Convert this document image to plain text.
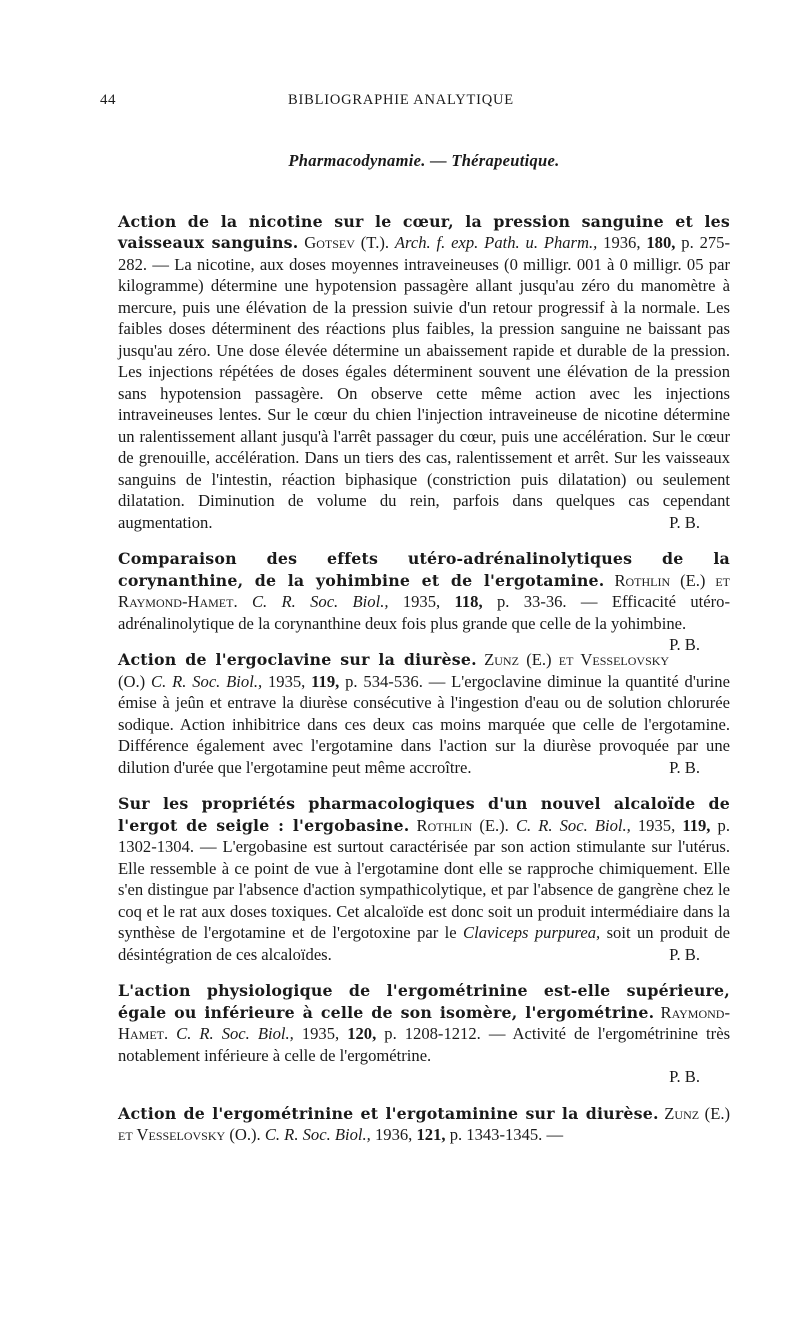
44	BIBLIOGRAPHIE ANALYTIQUE
Pharmacodynamie. — Thérapeutique.

Action de la nicotine sur le cœur, la pression sanguine et les vaisseaux sanguins. Gotsev (T.). Arch. f. exp. Path. u. Pharm., 1936, 180, p. 275-282. — La nicotine, aux doses moyennes intraveineuses (0 milligr. 001 à 0 milligr. 05 par kilogramme) détermine une hypotension passagère allant jusqu'au zéro du manomètre à mercure, puis une élévation de la pression suivie d'un retour progressif à la normale. Les faibles doses déterminent des réactions plus faibles, la pression sanguine ne baissant pas jusqu'au zéro. Une dose élevée détermine un abaissement rapide et durable de la pression. Les injections répétées de doses égales déterminent souvent une élévation de la pression sans hypotension passagère. On observe cette même action avec les injections intraveineuses lentes. Sur le cœur du chien l'injection intraveineuse de nicotine détermine un ralentissement allant jusqu'à l'arrêt passager du cœur, puis une accélération. Sur le cœur de grenouille, accélération. Dans un tiers des cas, ralentissement et arrêt. Sur les vaisseaux sanguins de l'intestin, réaction biphasique (constriction puis dilatation) ou seulement dilatation. Diminution de volume du rein, parfois dans quelques cas cependant augmentation.	P. B.

Comparaison des effets utéro-adrénalinolytiques de la corynanthine, de la yohimbine et de l'ergotamine. Rothlin (E.) et Raymond-Hamet. C. R. Soc. Biol., 1935, 118, p. 33-36. — Efficacité utéro-adrénalinolytique de la corynanthine deux fois plus grande que celle de la yohimbine.
P. B.

Action de l'ergoclavine sur la diurèse. Zunz (E.) et Vesselovsky (O.) C. R. Soc. Biol., 1935, 119, p. 534-536. — L'ergoclavine diminue la quantité d'urine émise à jeûn et entrave la diurèse consécutive à l'ingestion d'eau ou de solution chlorurée sodique. Action inhibitrice dans ces deux cas moins marquée que celle de l'ergotamine. Différence également avec l'ergotamine dans l'action sur la diurèse provoquée par une dilution d'urée que l'ergotamine peut même accroître.	P. B.

Sur les propriétés pharmacologiques d'un nouvel alcaloïde de l'ergot de seigle : l'ergobasine. Rothlin (E.). C. R. Soc. Biol., 1935, 119, p. 1302-1304. — L'ergobasine est surtout caractérisée par son action stimulante sur l'utérus. Elle ressemble à ce point de vue à l'ergotamine dont elle se rapproche chimiquement. Elle s'en distingue par l'absence d'action sympathicolytique, et par l'absence de gangrène chez le coq et le rat aux doses toxiques. Cet alcaloïde est donc soit un produit intermédiaire dans la synthèse de l'ergotamine et de l'ergotoxine par le Claviceps purpurea, soit un produit de désintégration de ces alcaloïdes.	P. B.

L'action physiologique de l'ergométrinine est-elle supérieure, égale ou inférieure à celle de son isomère, l'ergométrine. Raymond-Hamet. C. R. Soc. Biol., 1935, 120, p. 1208-1212. — Activité de l'ergométrinine très notablement inférieure à celle de l'ergométrine.
P. B.

Action de l'ergométrinine et l'ergotaminine sur la diurèse. Zunz (E.) et Vesselovsky (O.). C. R. Soc. Biol., 1936, 121, p. 1343-1345. —
